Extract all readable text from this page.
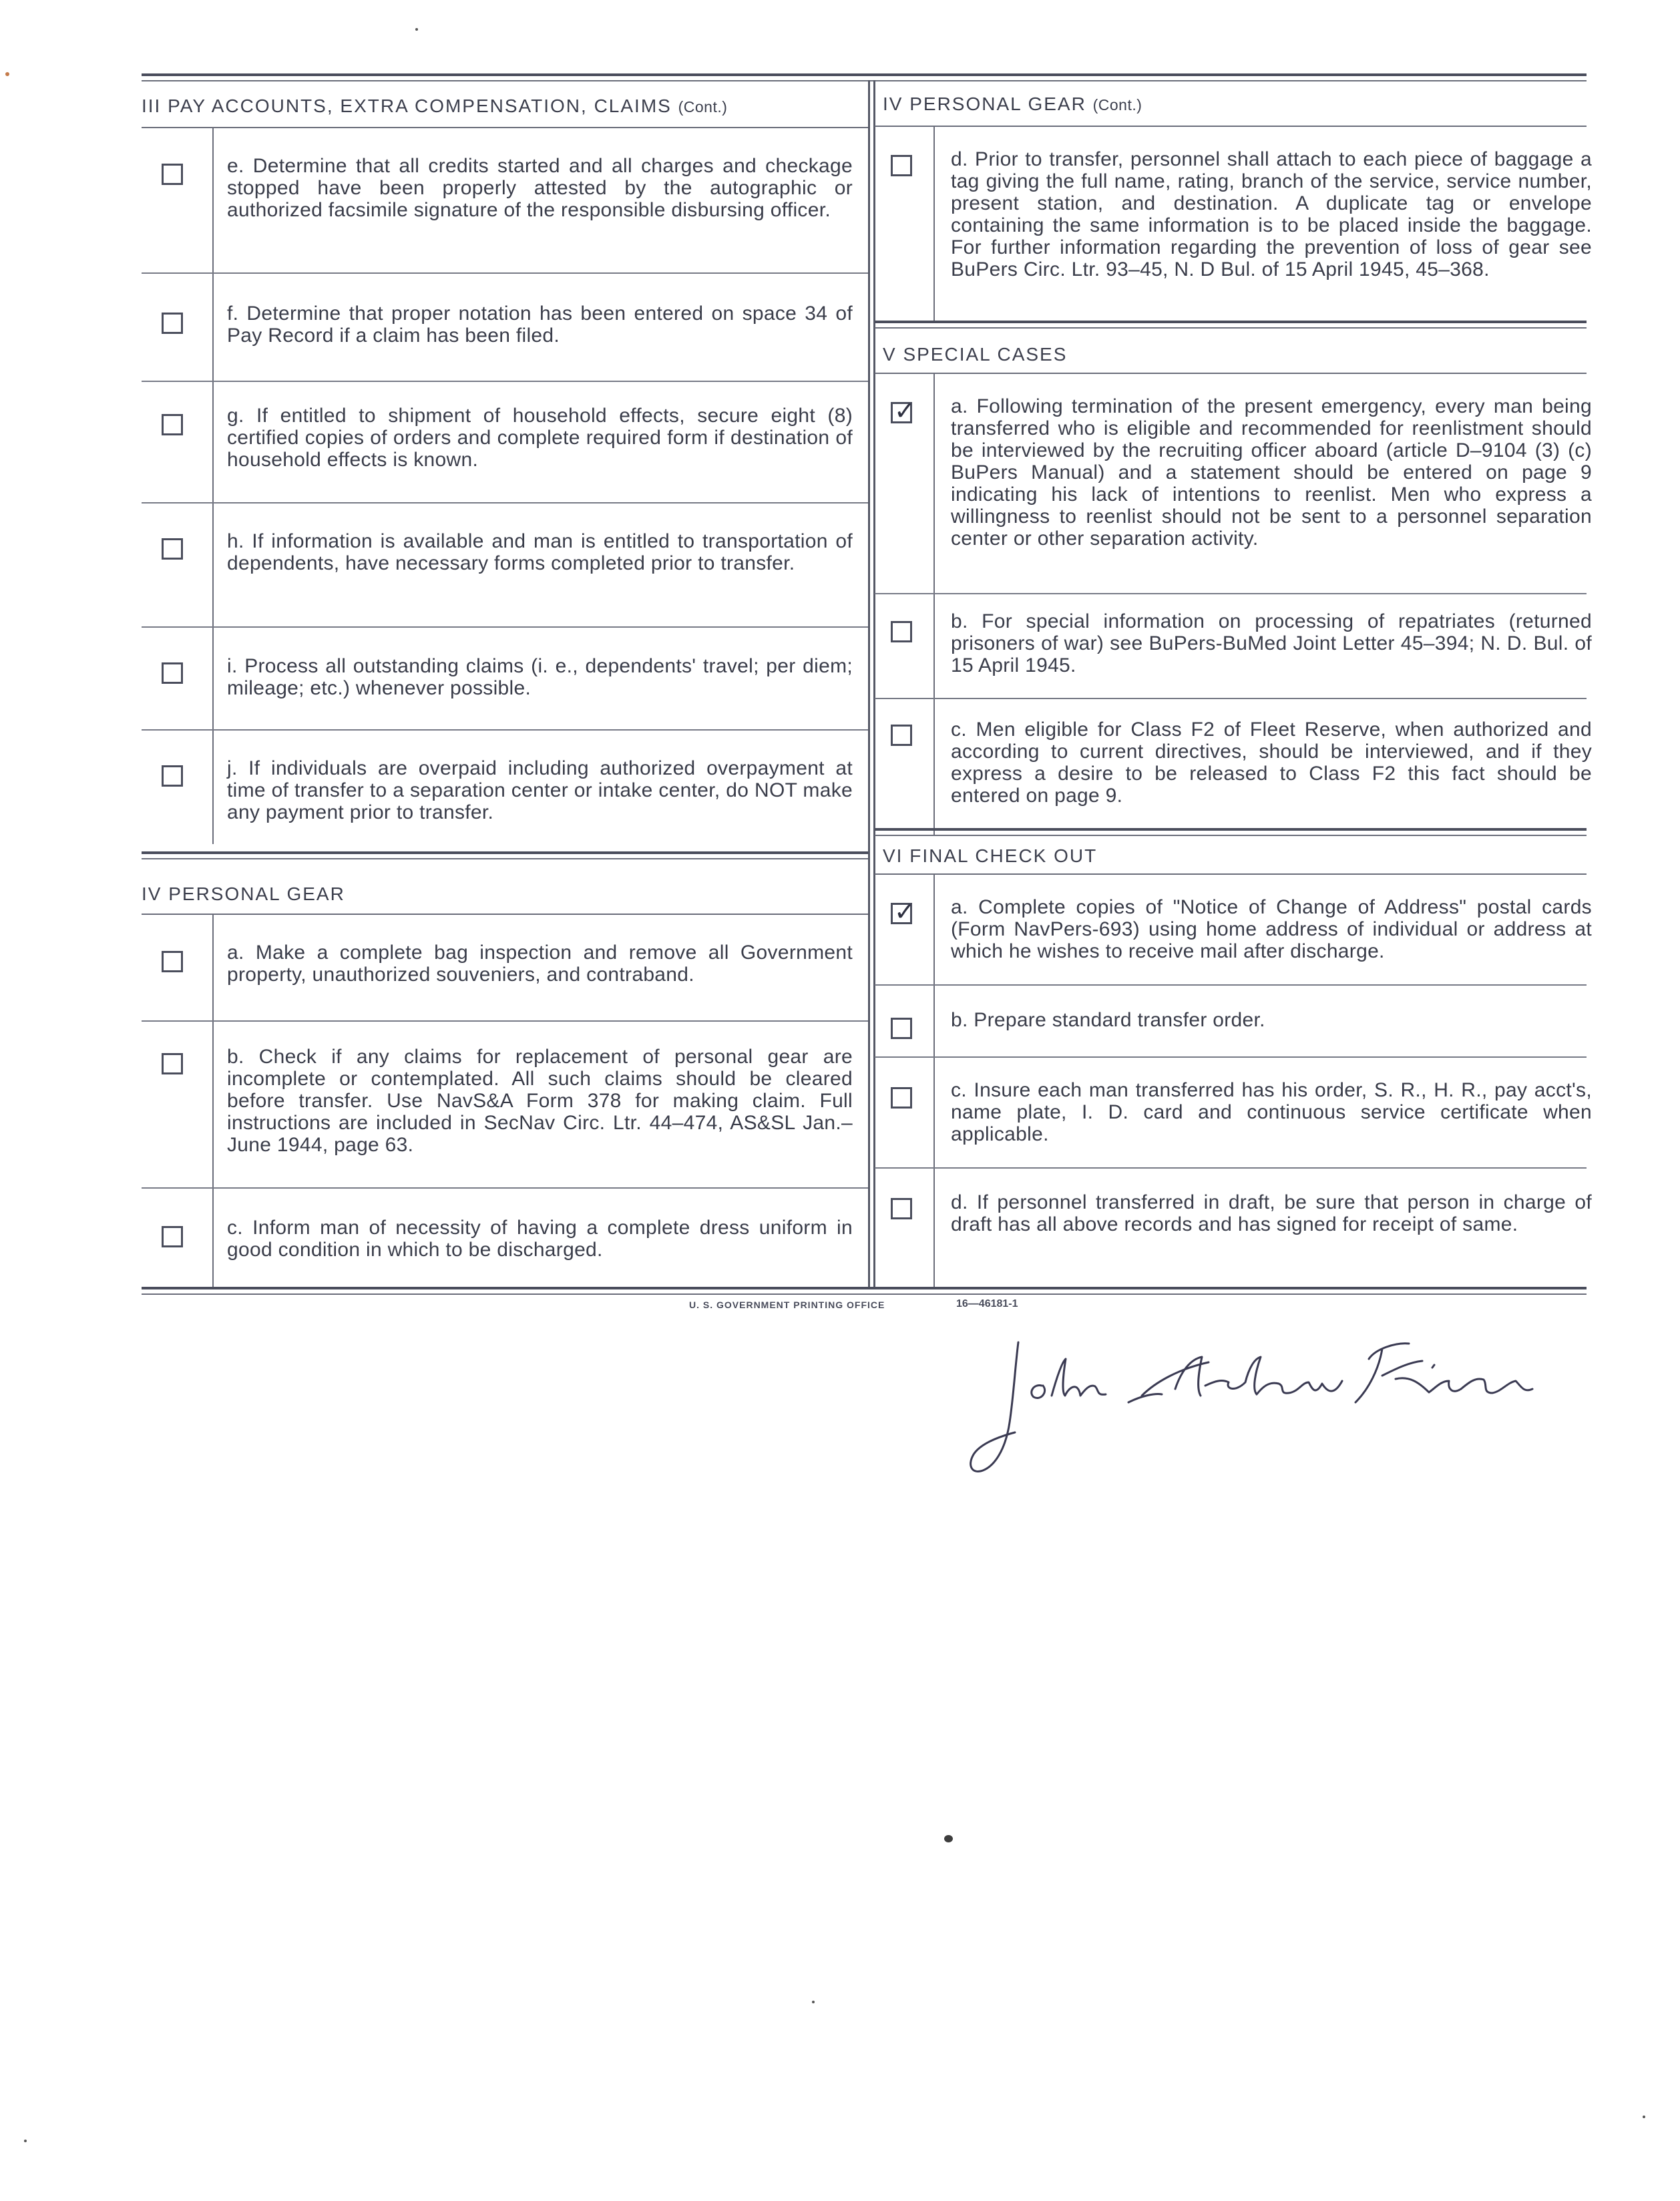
III PAY ACCOUNTS, EXTRA COMPENSATION, CLAIMS (Cont.)
e. Determine that all credits started and all charges and checkage stopped have been properly attested by the autographic or authorized facsimile signature of the responsible disbursing officer.
f. Determine that proper notation has been entered on space 34 of Pay Record if a claim has been filed.
g. If entitled to shipment of household effects, secure eight (8) certified copies of orders and complete required form if destination of household effects is known.
h. If information is available and man is entitled to transportation of dependents, have necessary forms completed prior to transfer.
i. Process all outstanding claims (i. e., dependents' travel; per diem; mileage; etc.) whenever possible.
j. If individuals are overpaid including authorized overpayment at time of transfer to a separation center or intake center, do NOT make any payment prior to transfer.
IV PERSONAL GEAR
a. Make a complete bag inspection and remove all Government property, unauthorized souveniers, and contraband.
b. Check if any claims for replacement of personal gear are incomplete or contemplated. All such claims should be cleared before transfer. Use NavS&A Form 378 for making claim. Full instructions are included in SecNav Circ. Ltr. 44–474, AS&SL Jan.–June 1944, page 63.
c. Inform man of necessity of having a complete dress uniform in good condition in which to be discharged.
IV PERSONAL GEAR (Cont.)
d. Prior to transfer, personnel shall attach to each piece of baggage a tag giving the full name, rating, branch of the service, service number, present station, and destination. A duplicate tag or envelope containing the same information is to be placed inside the baggage. For further information regarding the prevention of loss of gear see BuPers Circ. Ltr. 93–45, N. D Bul. of 15 April 1945, 45–368.
V SPECIAL CASES
✓ a. Following termination of the present emergency, every man being transferred who is eligible and recommended for reenlistment should be interviewed by the recruiting officer aboard (article D–9104 (3) (c) BuPers Manual) and a statement should be entered on page 9 indicating his lack of intentions to reenlist. Men who express a willingness to reenlist should not be sent to a personnel separation center or other separation activity.
b. For special information on processing of repatriates (returned prisoners of war) see BuPers-BuMed Joint Letter 45–394; N. D. Bul. of 15 April 1945.
c. Men eligible for Class F2 of Fleet Reserve, when authorized and according to current directives, should be interviewed, and if they express a desire to be released to Class F2 this fact should be entered on page 9.
VI FINAL CHECK OUT
✓ a. Complete copies of "Notice of Change of Address" postal cards (Form NavPers-693) using home address of individual or address at which he wishes to receive mail after discharge.
b. Prepare standard transfer order.
c. Insure each man transferred has his order, S. R., H. R., pay acct's, name plate, I. D. card and continuous service certificate when applicable.
d. If personnel transferred in draft, be sure that person in charge of draft has all above records and has signed for receipt of same.
U. S. GOVERNMENT PRINTING OFFICE	16—46181-1
